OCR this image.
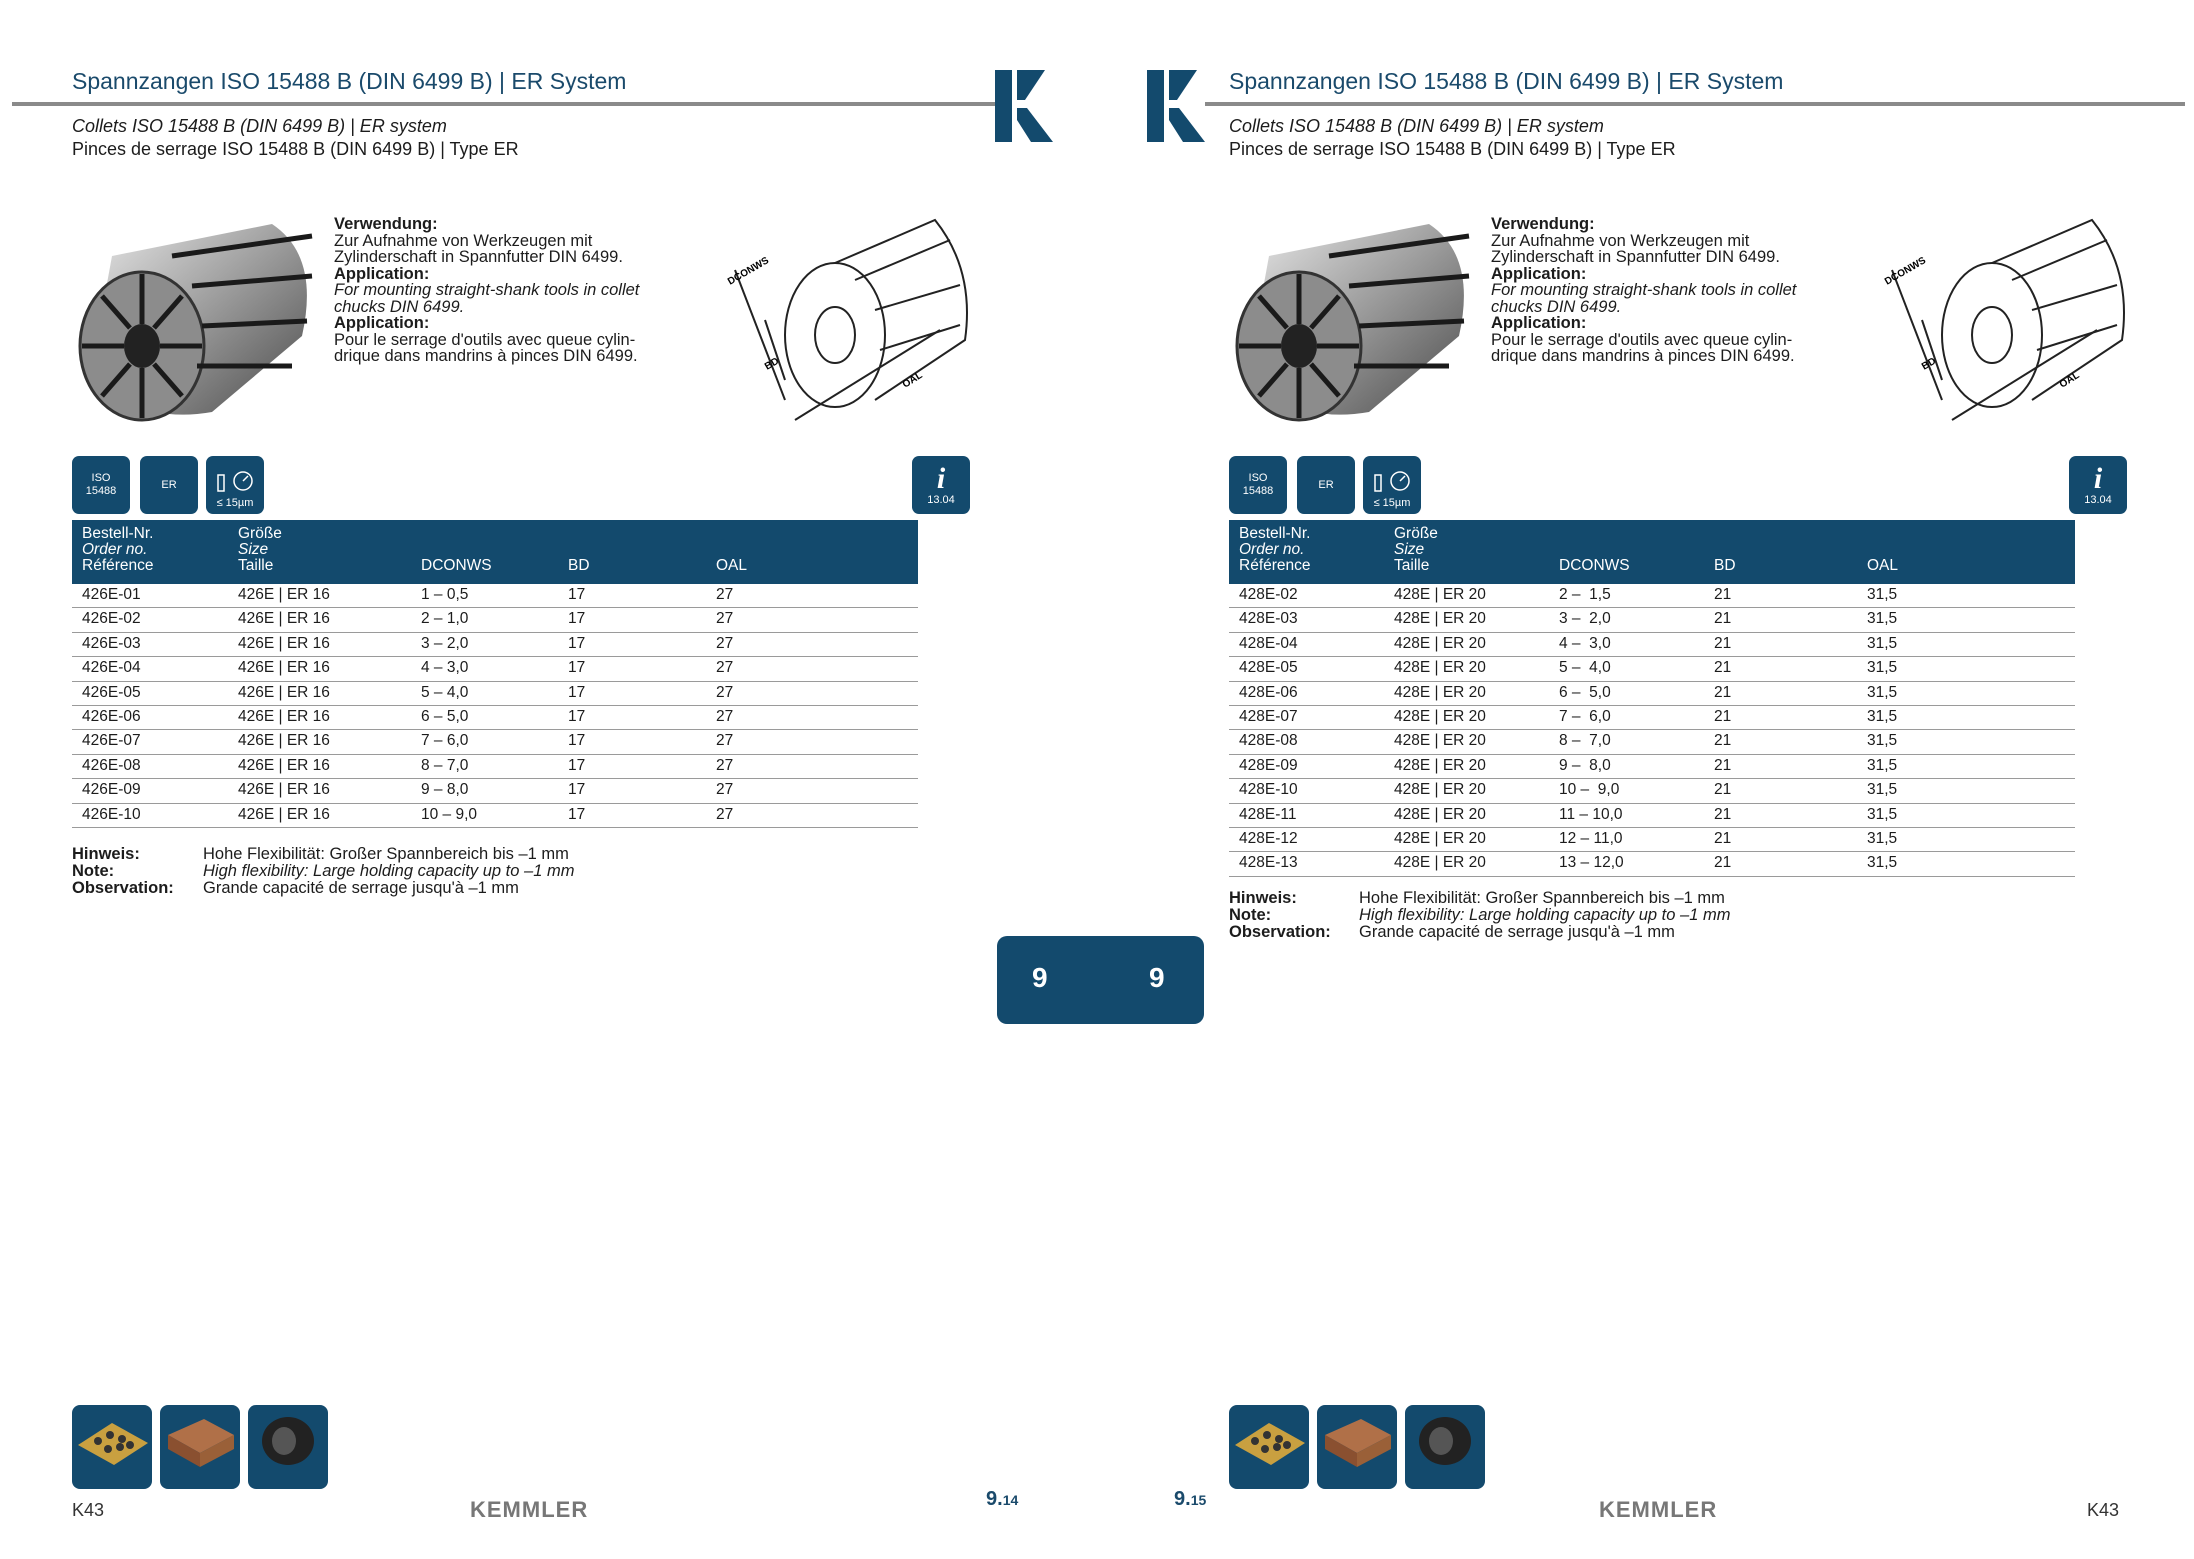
Spannzangen ISO 15488 B (DIN 6499 B) | ER System
Collets ISO 15488 B (DIN 6499 B) | ER system
Pinces de serrage ISO 15488 B (DIN 6499 B) | Type ER
Verwendung:
Zur Aufnahme von Werkzeugen mit Zylinderschaft in Spannfutter DIN 6499.
Application:
For mounting straight-shank tools in collet chucks DIN 6499.
Application:
Pour le serrage d'outils avec queue cylin-drique dans mandrins à pinces DIN 6499.
DCONWS
BD
OAL
ISO
15488
ER
≤ 15µm
i
13.04
Bestell-Nr.
Order no.
Référence
Größe
Size
Taille	DCONWS	BD	OAL
426E-01	426E | ER 16	1 – 0,5	17	27
426E-02	426E | ER 16	2 – 1,0	17	27
426E-03	426E | ER 16	3 – 2,0	17	27
426E-04	426E | ER 16	4 – 3,0	17	27
426E-05	426E | ER 16	5 – 4,0	17	27
426E-06	426E | ER 16	6 – 5,0	17	27
426E-07	426E | ER 16	7 – 6,0	17	27
426E-08	426E | ER 16	8 – 7,0	17	27
426E-09	426E | ER 16	9 – 8,0	17	27
426E-10	426E | ER 16	10 – 9,0	17	27
Hinweis:	Hohe Flexibilität: Großer Spannbereich bis –1 mm
Note:	High flexibility: Large holding capacity up to –1 mm
Observation: Grande capacité de serrage jusqu'à –1 mm
10.10
K43	KEMMLER	9.14
9	9
Spannzangen ISO 15488 B (DIN 6499 B) | ER System
Collets ISO 15488 B (DIN 6499 B) | ER system
Pinces de serrage ISO 15488 B (DIN 6499 B) | Type ER
Verwendung:
Zur Aufnahme von Werkzeugen mit Zylinderschaft in Spannfutter DIN 6499.
Application:
For mounting straight-shank tools in collet chucks DIN 6499.
Application:
Pour le serrage d'outils avec queue cylin-drique dans mandrins à pinces DIN 6499.
DCONWS
BD
OAL
ISO
15488
ER
≤ 15µm
i
13.04
Bestell-Nr.
Order no.
Référence
Größe
Size
Taille	DCONWS	BD	OAL
428E-02	428E | ER 20	2 –  1,5	21	31,5
428E-03	428E | ER 20	3 –  2,0	21	31,5
428E-04	428E | ER 20	4 –  3,0	21	31,5
428E-05	428E | ER 20	5 –  4,0	21	31,5
428E-06	428E | ER 20	6 –  5,0	21	31,5
428E-07	428E | ER 20	7 –  6,0	21	31,5
428E-08	428E | ER 20	8 –  7,0	21	31,5
428E-09	428E | ER 20	9 –  8,0	21	31,5
428E-10	428E | ER 20	10 –  9,0	21	31,5
428E-11	428E | ER 20	11 – 10,0	21	31,5
428E-12	428E | ER 20	12 – 11,0	21	31,5
428E-13	428E | ER 20	13 – 12,0	21	31,5
Hinweis:	Hohe Flexibilität: Großer Spannbereich bis –1 mm
Note:	High flexibility: Large holding capacity up to –1 mm
Observation: Grande capacité de serrage jusqu'à –1 mm
10.10
9.15	KEMMLER	K43
